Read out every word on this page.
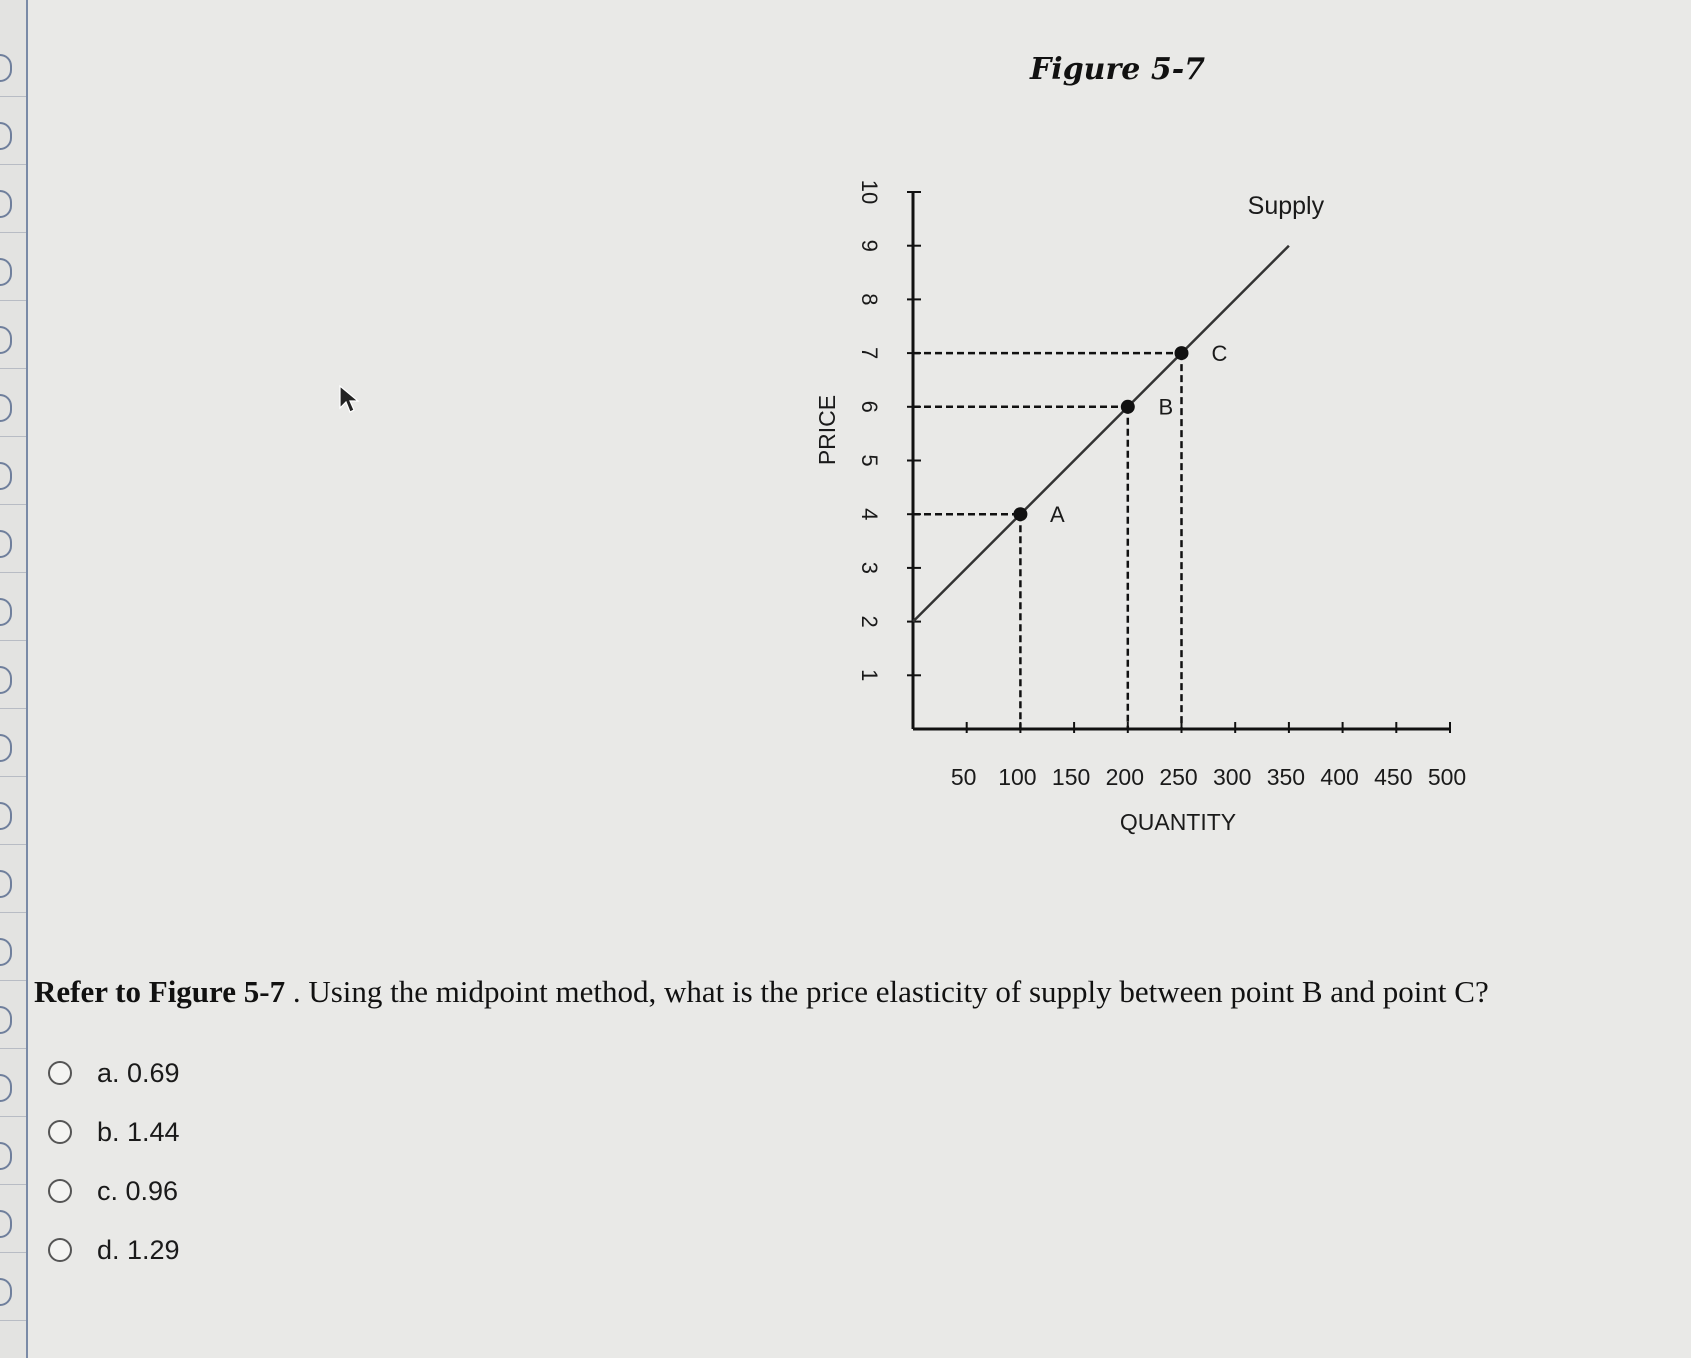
Figure 5-7
1
2
3
4
5
6
7
8
9
10
50 100 150 200 250 300 350 400 450 500
QUANTITY
PRICE
Supply
A
B
C
Refer to Figure 5-7 . Using the midpoint method, what is the price elasticity of supply between point B and point C?
a. 0.69
b. 1.44
c. 0.96
d. 1.29
